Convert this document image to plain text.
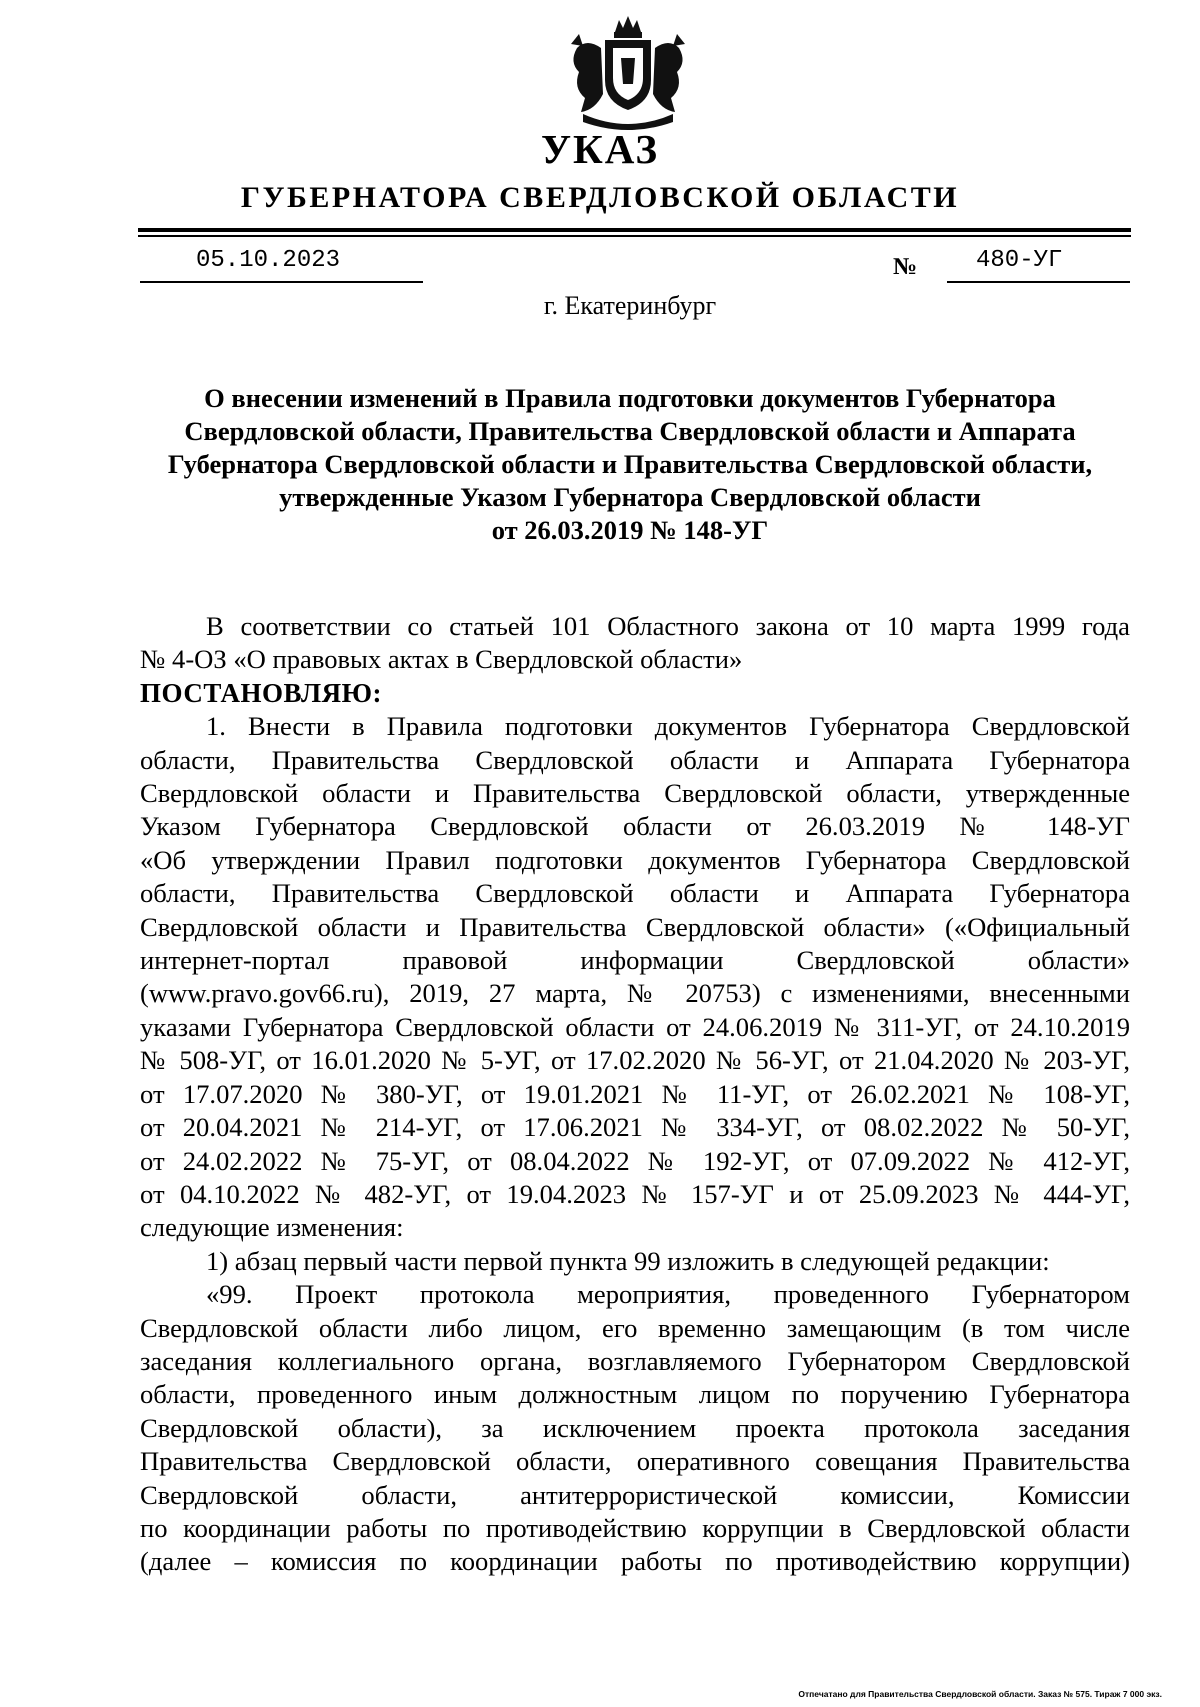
УКАЗ
ГУБЕРНАТОРА СВЕРДЛОВСКОЙ ОБЛАСТИ
05.10.2023	№ 480-УГ
г. Екатеринбург
О внесении изменений в Правила подготовки документов Губернатора
Свердловской области, Правительства Свердловской области и Аппарата
Губернатора Свердловской области и Правительства Свердловской области,
утвержденные Указом Губернатора Свердловской области
от 26.03.2019 № 148-УГ
В соответствии со статьей 101 Областного закона от 10 марта 1999 года
№ 4-ОЗ «О правовых актах в Свердловской области»
ПОСТАНОВЛЯЮ:
1. Внести в Правила подготовки документов Губернатора Свердловской
области, Правительства Свердловской области и Аппарата Губернатора
Свердловской области и Правительства Свердловской области, утвержденные
Указом Губернатора Свердловской области от 26.03.2019 № 148-УГ
«Об утверждении Правил подготовки документов Губернатора Свердловской
области, Правительства Свердловской области и Аппарата Губернатора
Свердловской области и Правительства Свердловской области» («Официальный
интернет-портал правовой информации Свердловской области»
(www.pravo.gov66.ru), 2019, 27 марта, № 20753) с изменениями, внесенными
указами Губернатора Свердловской области от 24.06.2019 № 311-УГ, от 24.10.2019
№ 508-УГ, от 16.01.2020 № 5-УГ, от 17.02.2020 № 56-УГ, от 21.04.2020 № 203-УГ,
от 17.07.2020 № 380-УГ, от 19.01.2021 № 11-УГ, от 26.02.2021 № 108-УГ,
от 20.04.2021 № 214-УГ, от 17.06.2021 № 334-УГ, от 08.02.2022 № 50-УГ,
от 24.02.2022 № 75-УГ, от 08.04.2022 № 192-УГ, от 07.09.2022 № 412-УГ,
от 04.10.2022 № 482-УГ, от 19.04.2023 № 157-УГ и от 25.09.2023 № 444-УГ,
следующие изменения:
1) абзац первый части первой пункта 99 изложить в следующей редакции:
«99. Проект протокола мероприятия, проведенного Губернатором
Свердловской области либо лицом, его временно замещающим (в том числе
заседания коллегиального органа, возглавляемого Губернатором Свердловской
области, проведенного иным должностным лицом по поручению Губернатора
Свердловской области), за исключением проекта протокола заседания
Правительства Свердловской области, оперативного совещания Правительства
Свердловской области, антитеррористической комиссии, Комиссии
по координации работы по противодействию коррупции в Свердловской области
(далее – комиссия по координации работы по противодействию коррупции)
Отпечатано для Правительства Свердловской области. Заказ № 575. Тираж 7 000 экз.
